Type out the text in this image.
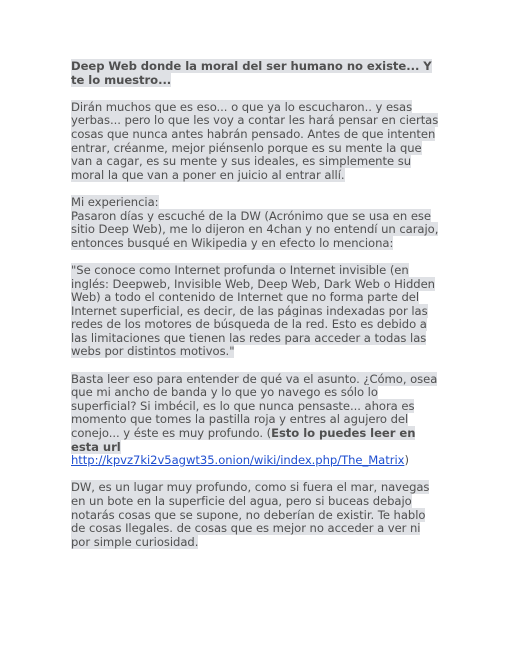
Deep Web donde la moral del ser humano no existe... Y te lo muestro...

Dirán muchos que es eso... o que ya lo escucharon.. y esas yerbas... pero lo que les voy a contar les hará pensar en ciertas cosas que nunca antes habrán pensado. Antes de que intenten entrar, créanme, mejor piénsenlo porque es su mente la que van a cagar, es su mente y sus ideales, es simplemente su moral la que van a poner en juicio al entrar allí.

Mi experiencia:
Pasaron días y escuché de la DW (Acrónimo que se usa en ese sitio Deep Web), me lo dijeron en 4chan y no entendí un carajo, entonces busqué en Wikipedia y en efecto lo menciona:

"Se conoce como Internet profunda o Internet invisible (en inglés: Deepweb, Invisible Web, Deep Web, Dark Web o Hidden Web) a todo el contenido de Internet que no forma parte del Internet superficial, es decir, de las páginas indexadas por las redes de los motores de búsqueda de la red. Esto es debido a las limitaciones que tienen las redes para acceder a todas las webs por distintos motivos."

Basta leer eso para entender de qué va el asunto. ¿Cómo, osea que mi ancho de banda y lo que yo navego es sólo lo superficial? Si imbécil, es lo que nunca pensaste... ahora es momento que tomes la pastilla roja y entres al agujero del conejo... y éste es muy profundo. (Esto lo puedes leer en esta url http://kpvz7ki2v5agwt35.onion/wiki/index.php/The_Matrix)

DW, es un lugar muy profundo, como si fuera el mar, navegas en un bote en la superficie del agua, pero si buceas debajo notarás cosas que se supone, no deberían de existir. Te hablo de cosas Ilegales. de cosas que es mejor no acceder a ver ni por simple curiosidad.
